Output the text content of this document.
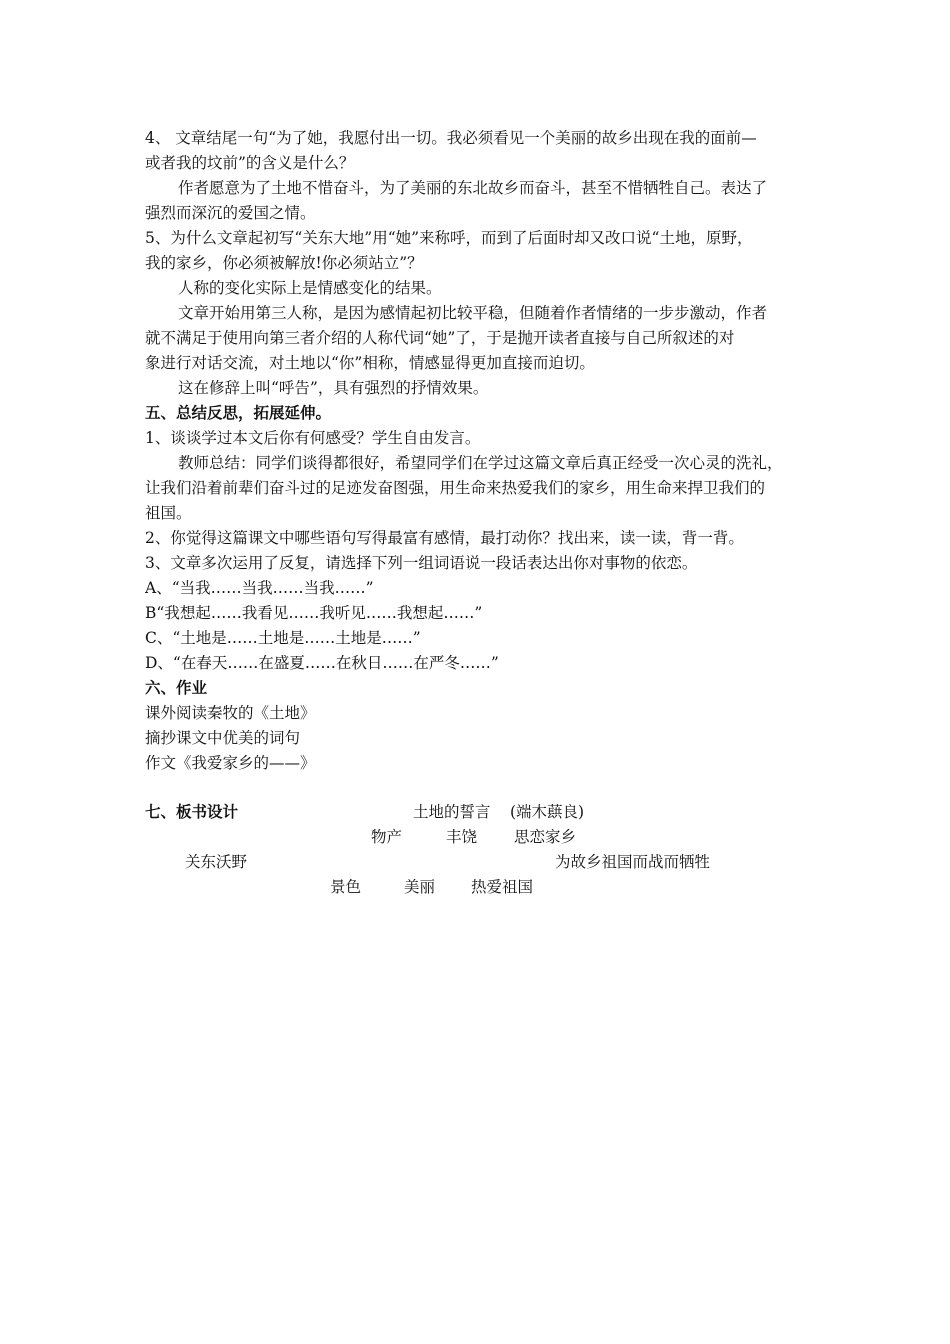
4、 文章结尾一句“为了她，我愿付出一切。我必须看见一个美丽的故乡出现在我的面前—
或者我的坟前”的含义是什么？
作者愿意为了土地不惜奋斗，为了美丽的东北故乡而奋斗，甚至不惜牺牲自己。表达了
强烈而深沉的爱国之情。
5、为什么文章起初写“关东大地”用“她”来称呼，而到了后面时却又改口说“土地，原野，
我的家乡，你必须被解放!你必须站立”？
人称的变化实际上是情感变化的结果。
文章开始用第三人称，是因为感情起初比较平稳，但随着作者情绪的一步步激动，作者
就不满足于使用向第三者介绍的人称代词“她”了，于是抛开读者直接与自己所叙述的对
象进行对话交流，对土地以“你”相称，情感显得更加直接而迫切。
这在修辞上叫“呼告”，具有强烈的抒情效果。
五、总结反思，拓展延伸。
1、谈谈学过本文后你有何感受？学生自由发言。
教师总结：同学们谈得都很好，希望同学们在学过这篇文章后真正经受一次心灵的洗礼，
让我们沿着前辈们奋斗过的足迹发奋图强，用生命来热爱我们的家乡，用生命来捍卫我们的
祖国。
2、你觉得这篇课文中哪些语句写得最富有感情，最打动你？找出来，读一读，背一背。
3、文章多次运用了反复，请选择下列一组词语说一段话表达出你对事物的依恋。
A、“当我……当我……当我……”
B“我想起……我看见……我听见……我想起……”
C、“土地是……土地是……土地是……”
D、“在春天……在盛夏……在秋日……在严冬……”
六、作业
课外阅读秦牧的《土地》
摘抄课文中优美的词句
作文《我爱家乡的——》
七、板书设计	土地的誓言 (端木蕻良)
物产	丰饶 思恋家乡
关东沃野	为故乡祖国而战而牺牲
景色	美丽 热爱祖国
